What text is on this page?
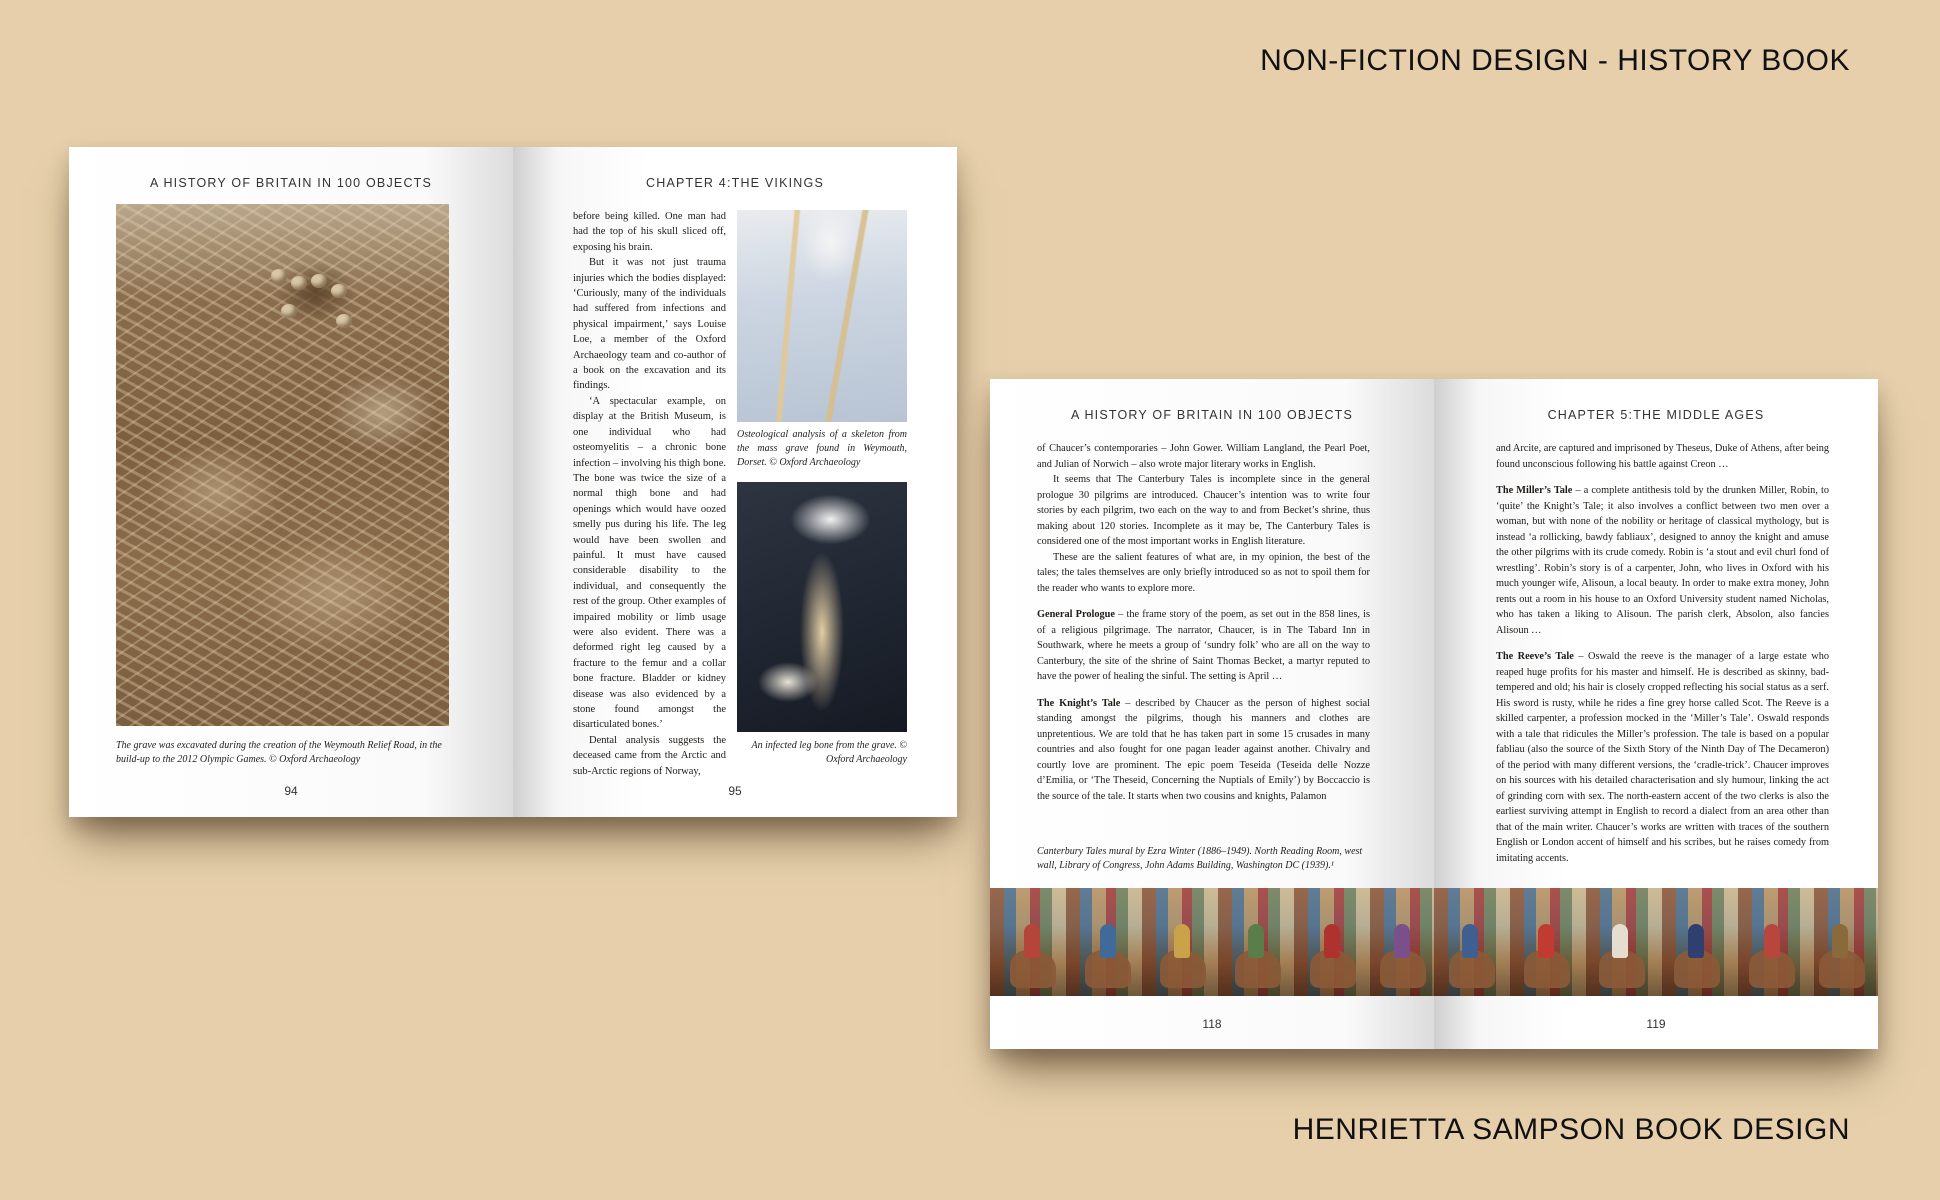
NON-FICTION DESIGN - HISTORY BOOK
A HISTORY OF BRITAIN IN 100 OBJECTS
The grave was excavated during the creation of the Weymouth Relief Road, in the build-up to the 2012 Olympic Games. © Oxford Archaeology
94
CHAPTER 4:THE VIKINGS

before being killed. One man had had the top of his skull sliced off, exposing his brain.

But it was not just trauma injuries which the bodies displayed: ‘Curiously, many of the individuals had suffered from infections and physical impairment,’ says Louise Loe, a member of the Oxford Archaeology team and co-author of a book on the excavation and its findings.

‘A spectacular example, on display at the British Museum, is one individual who had osteomyelitis – a chronic bone infection – involving his thigh bone. The bone was twice the size of a normal thigh bone and had openings which would have oozed smelly pus during his life. The leg would have been swollen and painful. It must have caused considerable disability to the individual, and consequently the rest of the group. Other examples of impaired mobility or limb usage were also evident. There was a deformed right leg caused by a fracture to the femur and a collar bone fracture. Bladder or kidney disease was also evidenced by a stone found amongst the disarticulated bones.’

Dental analysis suggests the deceased came from the Arctic and sub-Arctic regions of Norway,

Osteological analysis of a skeleton from the mass grave found in Weymouth, Dorset. © Oxford Archaeology
An infected leg bone from the grave. © Oxford Archaeology
95
A HISTORY OF BRITAIN IN 100 OBJECTS

of Chaucer’s contemporaries – John Gower. William Langland, the Pearl Poet, and Julian of Norwich – also wrote major literary works in English.

It seems that The Canterbury Tales is incomplete since in the general prologue 30 pilgrims are introduced. Chaucer’s intention was to write four stories by each pilgrim, two each on the way to and from Becket’s shrine, thus making about 120 stories. Incomplete as it may be, The Canterbury Tales is considered one of the most important works in English literature.

These are the salient features of what are, in my opinion, the best of the tales; the tales themselves are only briefly introduced so as not to spoil them for the reader who wants to explore more.

General Prologue – the frame story of the poem, as set out in the 858 lines, is of a religious pilgrimage. The narrator, Chaucer, is in The Tabard Inn in Southwark, where he meets a group of ‘sundry folk’ who are all on the way to Canterbury, the site of the shrine of Saint Thomas Becket, a martyr reputed to have the power of healing the sinful. The setting is April …

The Knight’s Tale – described by Chaucer as the person of highest social standing amongst the pilgrims, though his manners and clothes are unpretentious. We are told that he has taken part in some 15 crusades in many countries and also fought for one pagan leader against another. Chivalry and courtly love are prominent. The epic poem Teseida (Teseida delle Nozze d’Emilia, or ‘The Theseid, Concerning the Nuptials of Emily’) by Boccaccio is the source of the tale. It starts when two cousins and knights, Palamon

Canterbury Tales mural by Ezra Winter (1886–1949). North Reading Room, west wall, Library of Congress, John Adams Building, Washington DC (1939).¹
118
CHAPTER 5:THE MIDDLE AGES

and Arcite, are captured and imprisoned by Theseus, Duke of Athens, after being found unconscious following his battle against Creon …

The Miller’s Tale – a complete antithesis told by the drunken Miller, Robin, to ‘quite’ the Knight’s Tale; it also involves a conflict between two men over a woman, but with none of the nobility or heritage of classical mythology, but is instead ‘a rollicking, bawdy fabliaux’, designed to annoy the knight and amuse the other pilgrims with its crude comedy. Robin is ‘a stout and evil churl fond of wrestling’. Robin’s story is of a carpenter, John, who lives in Oxford with his much younger wife, Alisoun, a local beauty. In order to make extra money, John rents out a room in his house to an Oxford University student named Nicholas, who has taken a liking to Alisoun. The parish clerk, Absolon, also fancies Alisoun …

The Reeve’s Tale – Oswald the reeve is the manager of a large estate who reaped huge profits for his master and himself. He is described as skinny, bad-tempered and old; his hair is closely cropped reflecting his social status as a serf. His sword is rusty, while he rides a fine grey horse called Scot. The Reeve is a skilled carpenter, a profession mocked in the ‘Miller’s Tale’. Oswald responds with a tale that ridicules the Miller’s profession. The tale is based on a popular fabliau (also the source of the Sixth Story of the Ninth Day of The Decameron) of the period with many different versions, the ‘cradle-trick’. Chaucer improves on his sources with his detailed characterisation and sly humour, linking the act of grinding corn with sex. The north-eastern accent of the two clerks is also the earliest surviving attempt in English to record a dialect from an area other than that of the main writer. Chaucer’s works are written with traces of the southern English or London accent of himself and his scribes, but he raises comedy from imitating accents.

119
HENRIETTA SAMPSON BOOK DESIGN
